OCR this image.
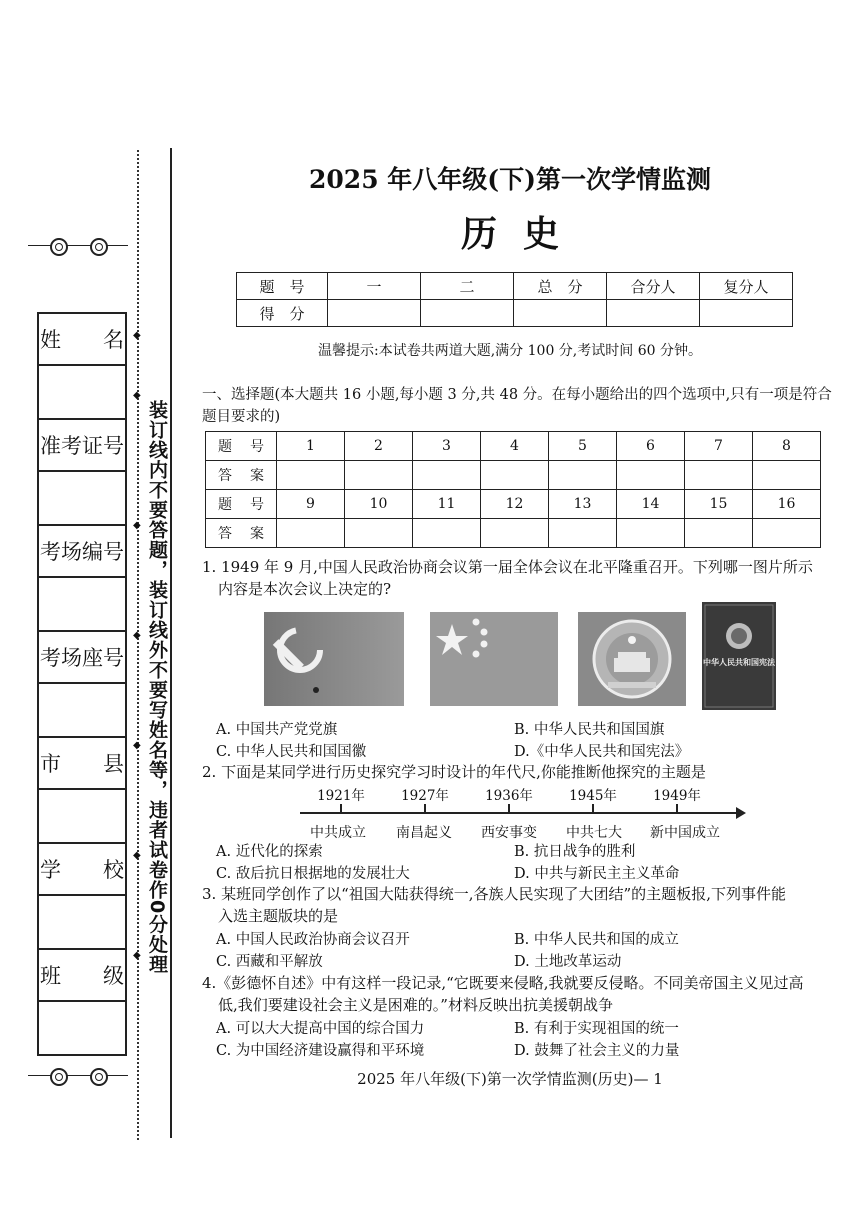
姓　　名
准考证号
考场编号
考场座号
市　　县
学　　校
班　　级
◆
◆
◆
◆
◆
◆
◆ 装订线内不要答题，装订线外不要写姓名等，违者试卷作0分处理
2025 年八年级(下)第一次学情监测
历史
题　号	一	二	总　分	合分人	复分人
得　分					
温馨提示:本试卷共两道大题,满分 100 分,考试时间 60 分钟。
一、选择题(本大题共 16 小题,每小题 3 分,共 48 分。在每小题给出的四个选项中,只有一项是符合题目要求的)
题号	1	2	3	4	5	6	7	8
答案								
题号	9	10	11	12	13	14	15	16
答案								
1. 1949 年 9 月,中国人民政治协商会议第一届全体会议在北平隆重召开。下列哪一图片所示
内容是本次会议上决定的?
中华人民共和国宪法
A. 中国共产党党旗	B. 中华人民共和国国旗
C. 中华人民共和国国徽	D.《中华人民共和国宪法》
2. 下面是某同学进行历史探究学习时设计的年代尺,你能推断他探究的主题是
1921年	1927年	1936年	1945年	1949年
中共成立	南昌起义	西安事变	中共七大	新中国成立
A. 近代化的探索	B. 抗日战争的胜利
C. 敌后抗日根据地的发展壮大	D. 中共与新民主主义革命
3. 某班同学创作了以“祖国大陆获得统一,各族人民实现了大团结”的主题板报,下列事件能
入选主题版块的是
A. 中国人民政治协商会议召开	B. 中华人民共和国的成立
C. 西藏和平解放	D. 土地改革运动
4.《彭德怀自述》中有这样一段记录,“它既要来侵略,我就要反侵略。不同美帝国主义见过高
低,我们要建设社会主义是困难的。”材料反映出抗美援朝战争
A. 可以大大提高中国的综合国力	B. 有利于实现祖国的统一
C. 为中国经济建设赢得和平环境	D. 鼓舞了社会主义的力量
2025 年八年级(下)第一次学情监测(历史)— 1
